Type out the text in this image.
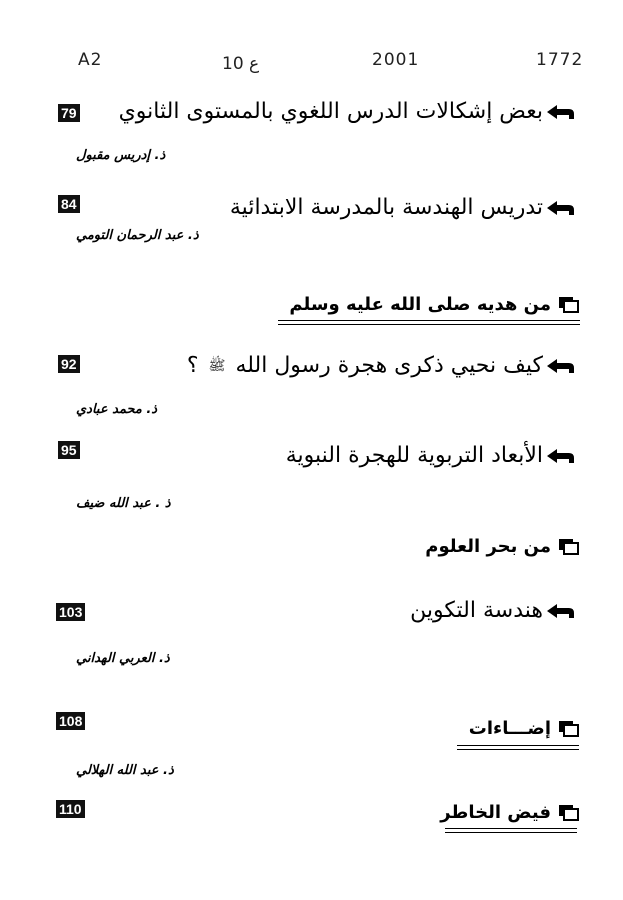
A2	10 ع	2001	1772
79 بعض إشكالات الدرس اللغوي بالمستوى الثانوي
ذ. إدريس مقبول
84	تدريس الهندسة بالمدرسة الابتدائية
ذ. عبد الرحمان التومي
من هديه صلى الله عليه وسلم
92	كيف نحيي ذكرى هجرة رسول الله
ﷺ
؟
ذ. محمد عبادي
95	الأبعاد التربوية للهجرة النبوية
ذ . عبد الله ضيف
من بحر العلوم
103	هندسة التكوين
ذ. العربي الهداني
108	إضـــاءات
ذ. عبد الله الهلالي
110	فيض الخاطر
